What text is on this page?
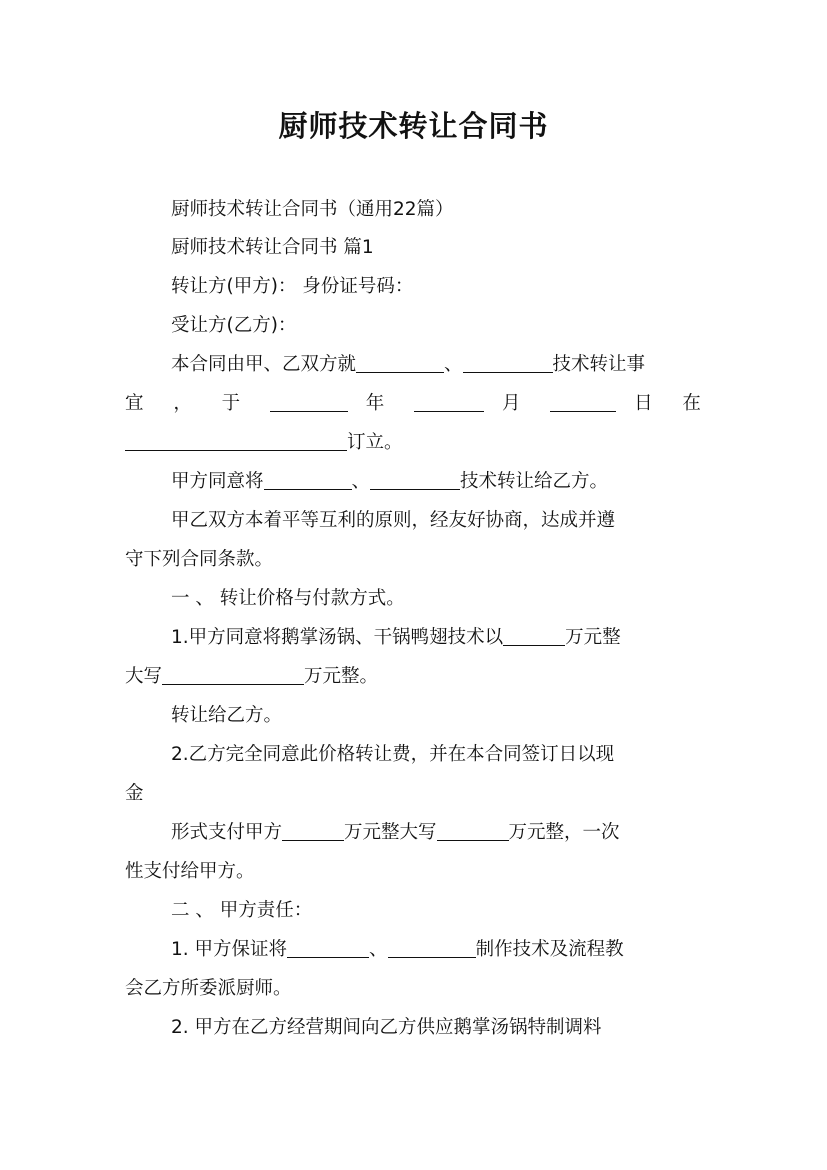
厨师技术转让合同书

厨师技术转让合同书（通用22篇）

厨师技术转让合同书 篇1

转让方(甲方)： 身份证号码：

受让方(乙方)：

本合同由甲、乙双方就	、	技术转让事

宜 ， 于	年	月	日 在

订立。

甲方同意将	、	技术转让给乙方。

甲乙双方本着平等互利的原则，经友好协商，达成并遵

守下列合同条款。

一 、 转让价格与付款方式。

1.甲方同意将鹅掌汤锅、干锅鸭翅技术以	万元整

大写	万元整。

转让给乙方。

2.乙方完全同意此价格转让费，并在本合同签订日以现

金

形式支付甲方	万元整大写	万元整，一次

性支付给甲方。

二 、 甲方责任：

1. 甲方保证将	、	制作技术及流程教

会乙方所委派厨师。

2. 甲方在乙方经营期间向乙方供应鹅掌汤锅特制调料
